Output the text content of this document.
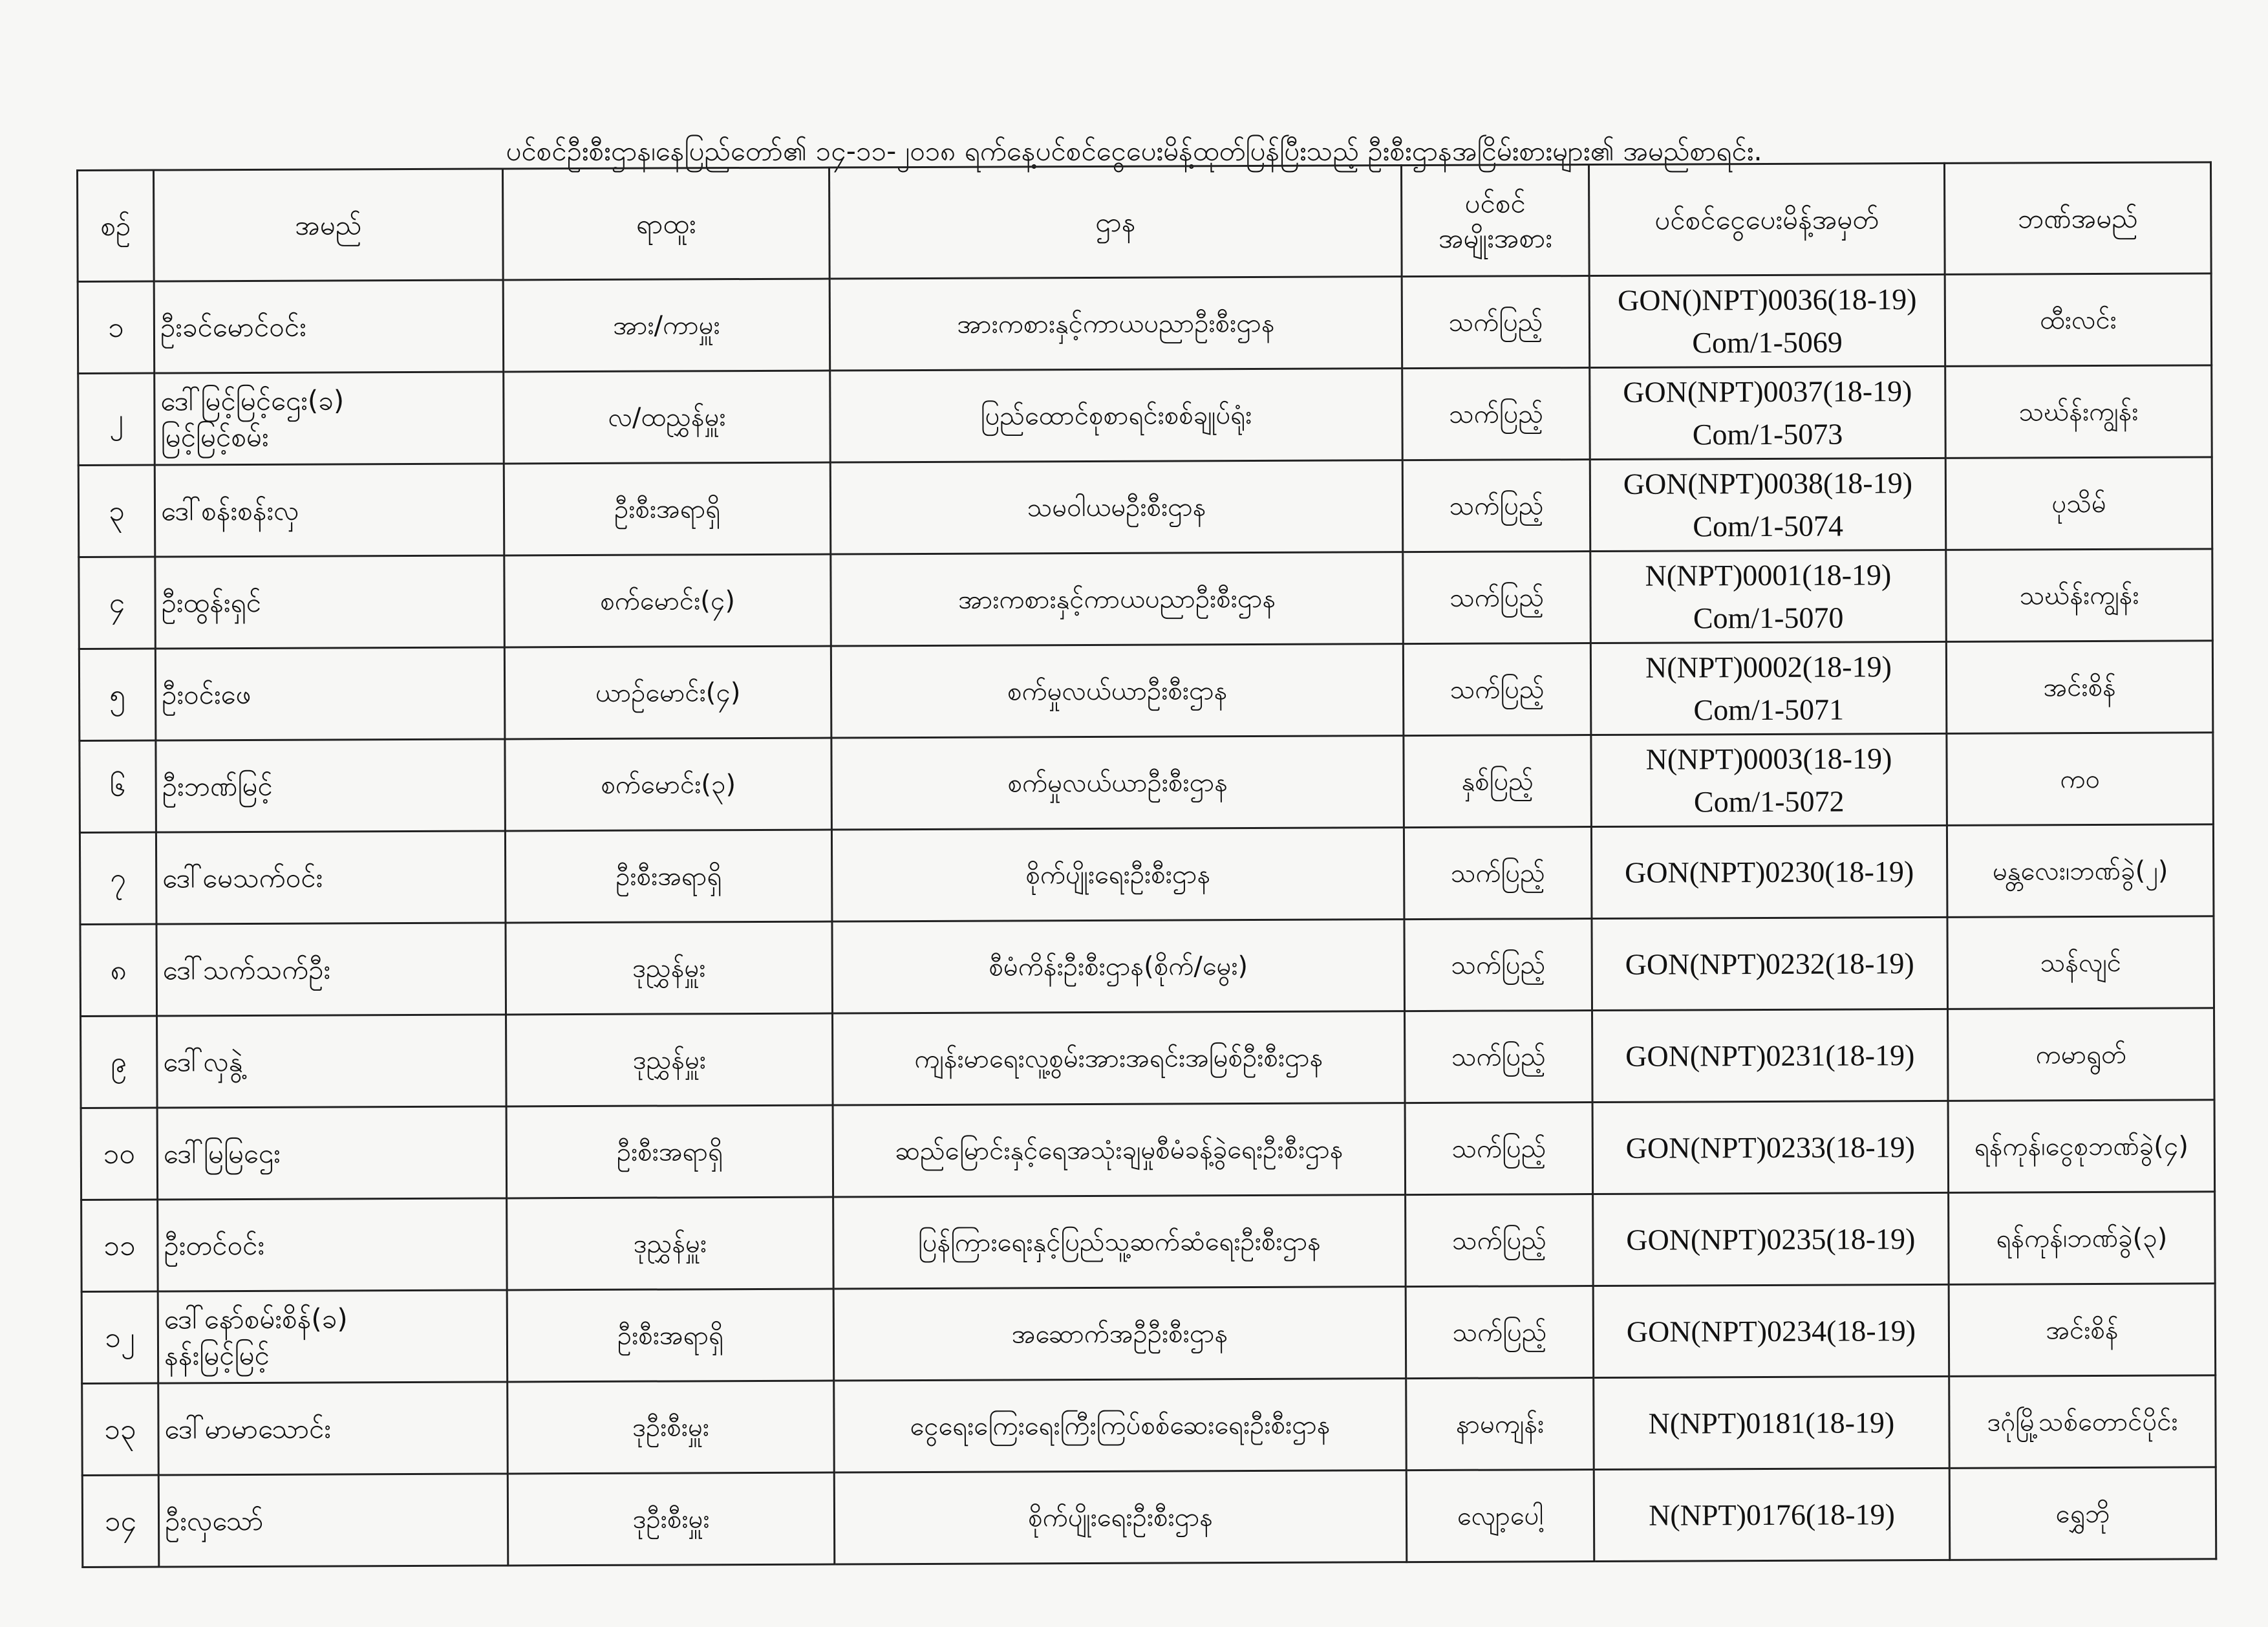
ပင်စင်ဦးစီးဌာန၊နေပြည်တော်၏ ၁၄-၁၁-၂၀၁၈ ရက်နေ့ပင်စင်ငွေပေးမိန့်ထုတ်ပြန်ပြီးသည့် ဦးစီးဌာနအငြိမ်းစားများ၏ အမည်စာရင်း.
စဉ်	အမည်	ရာထူး	ဌာန	ပင်စင်
အမျိုးအစား	ပင်စင်ငွေပေးမိန့်အမှတ်	ဘဏ်အမည်

၁	ဦးခင်မောင်ဝင်း	အား/ကာမှူး	အားကစားနှင့်ကာယပညာဦးစီးဌာန	သက်ပြည့်	GON()NPT)0036(18-19)
Com/1-5069	ထီးလင်း

၂	ဒေါ်မြင့်မြင့်ဌေး(ခ)
မြင့်မြင့်စမ်း	လ/ထညွှန်မှူး	ပြည်ထောင်စုစာရင်းစစ်ချုပ်ရုံး	သက်ပြည့်	GON(NPT)0037(18-19)
Com/1-5073	သဃ်န်းကျွန်း

၃	ဒေါ်စန်းစန်းလှ	ဦးစီးအရာရှိ	သမဝါယမဦးစီးဌာန	သက်ပြည့်	GON(NPT)0038(18-19)
Com/1-5074	ပုသိမ်

၄	ဦးထွန်းရှင်	စက်မောင်း(၄)	အားကစားနှင့်ကာယပညာဦးစီးဌာန	သက်ပြည့်	N(NPT)0001(18-19)
Com/1-5070	သဃ်န်းကျွန်း

၅	ဦးဝင်းဖေ	ယာဉ်မောင်း(၄)	စက်မှုလယ်ယာဦးစီးဌာန	သက်ပြည့်	N(NPT)0002(18-19)
Com/1-5071	အင်းစိန်

၆	ဦးဘဏ်မြင့်	စက်မောင်း(၃)	စက်မှုလယ်ယာဦးစီးဌာန	နှစ်ပြည့်	N(NPT)0003(18-19)
Com/1-5072	ကဝ

၇	ဒေါ်မေသက်ဝင်း	ဦးစီးအရာရှိ	စိုက်ပျိုးရေးဦးစီးဌာန	သက်ပြည့်	GON(NPT)0230(18-19)	မန္တလေး၊ဘဏ်ခွဲ(၂)

၈	ဒေါ်သက်သက်ဦး	ဒုညွှန်မှူး	စီမံကိန်းဦးစီးဌာန(စိုက်/မွေး)	သက်ပြည့်	GON(NPT)0232(18-19)	သန်လျင်

၉	ဒေါ်လှနွဲ့	ဒုညွှန်မှူး	ကျန်းမာရေးလူ့စွမ်းအားအရင်းအမြစ်ဦးစီးဌာန	သက်ပြည့်	GON(NPT)0231(18-19)	ကမာရွတ်

၁၀	ဒေါ်မြမြဌေး	ဦးစီးအရာရှိ	ဆည်မြောင်းနှင့်ရေအသုံးချမှုစီမံခန့်ခွဲရေးဦးစီးဌာန	သက်ပြည့်	GON(NPT)0233(18-19)	ရန်ကုန်၊ငွေစုဘဏ်ခွဲ(၄)

၁၁	ဦးတင်ဝင်း	ဒုညွှန်မှူး	ပြန်ကြားရေးနှင့်ပြည်သူ့ဆက်ဆံရေးဦးစီးဌာန	သက်ပြည့်	GON(NPT)0235(18-19)	ရန်ကုန်၊ဘဏ်ခွဲ(၃)

၁၂	ဒေါ်နော်စမ်းစိန်(ခ)
နန်းမြင့်မြင့်	ဦးစီးအရာရှိ	အဆောက်အဦဦးစီးဌာန	သက်ပြည့်	GON(NPT)0234(18-19)	အင်းစိန်

၁၃	ဒေါ်မာမာသောင်း	ဒုဦးစီးမှူး	ငွေရေးကြေးရေးကြီးကြပ်စစ်ဆေးရေးဦးစီးဌာန	နာမကျန်း	N(NPT)0181(18-19)	ဒဂုံမြို့သစ်တောင်ပိုင်း

၁၄	ဦးလှသော်	ဒုဦးစီးမှူး	စိုက်ပျိုးရေးဦးစီးဌာန	လျော့ပေါ့	N(NPT)0176(18-19)	ရွှေဘို
